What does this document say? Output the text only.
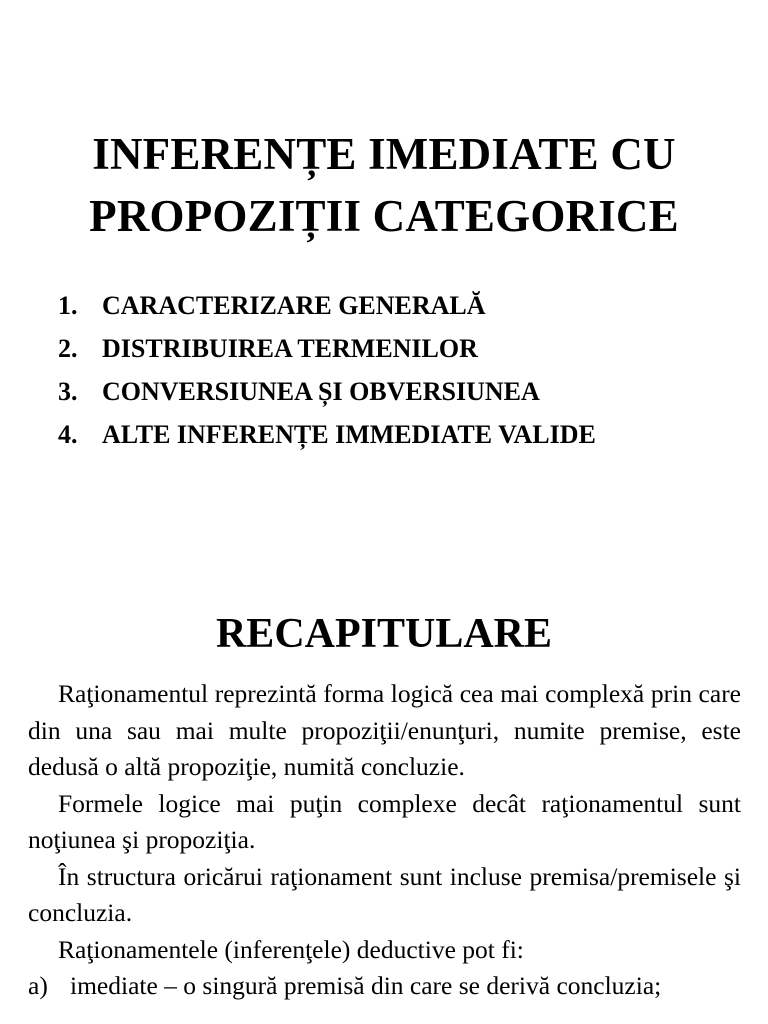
INFERENȚE IMEDIATE CU
PROPOZIȚII CATEGORICE
1. CARACTERIZARE GENERALĂ
2. DISTRIBUIREA TERMENILOR
3. CONVERSIUNEA ȘI OBVERSIUNEA
4. ALTE INFERENȚE IMMEDIATE VALIDE
RECAPITULARE

Raţionamentul reprezintă forma logică cea mai complexă prin care din una sau mai multe propoziţii/enunţuri, numite premise, este dedusă o altă propoziţie, numită concluzie.

Formele logice mai puţin complexe decât raţionamentul sunt noţiunea şi propoziţia.

În structura oricărui raţionament sunt incluse premisa/premisele şi concluzia.

Raţionamentele (inferenţele) deductive pot fi:

a) imediate – o singură premisă din care se derivă concluzia;
